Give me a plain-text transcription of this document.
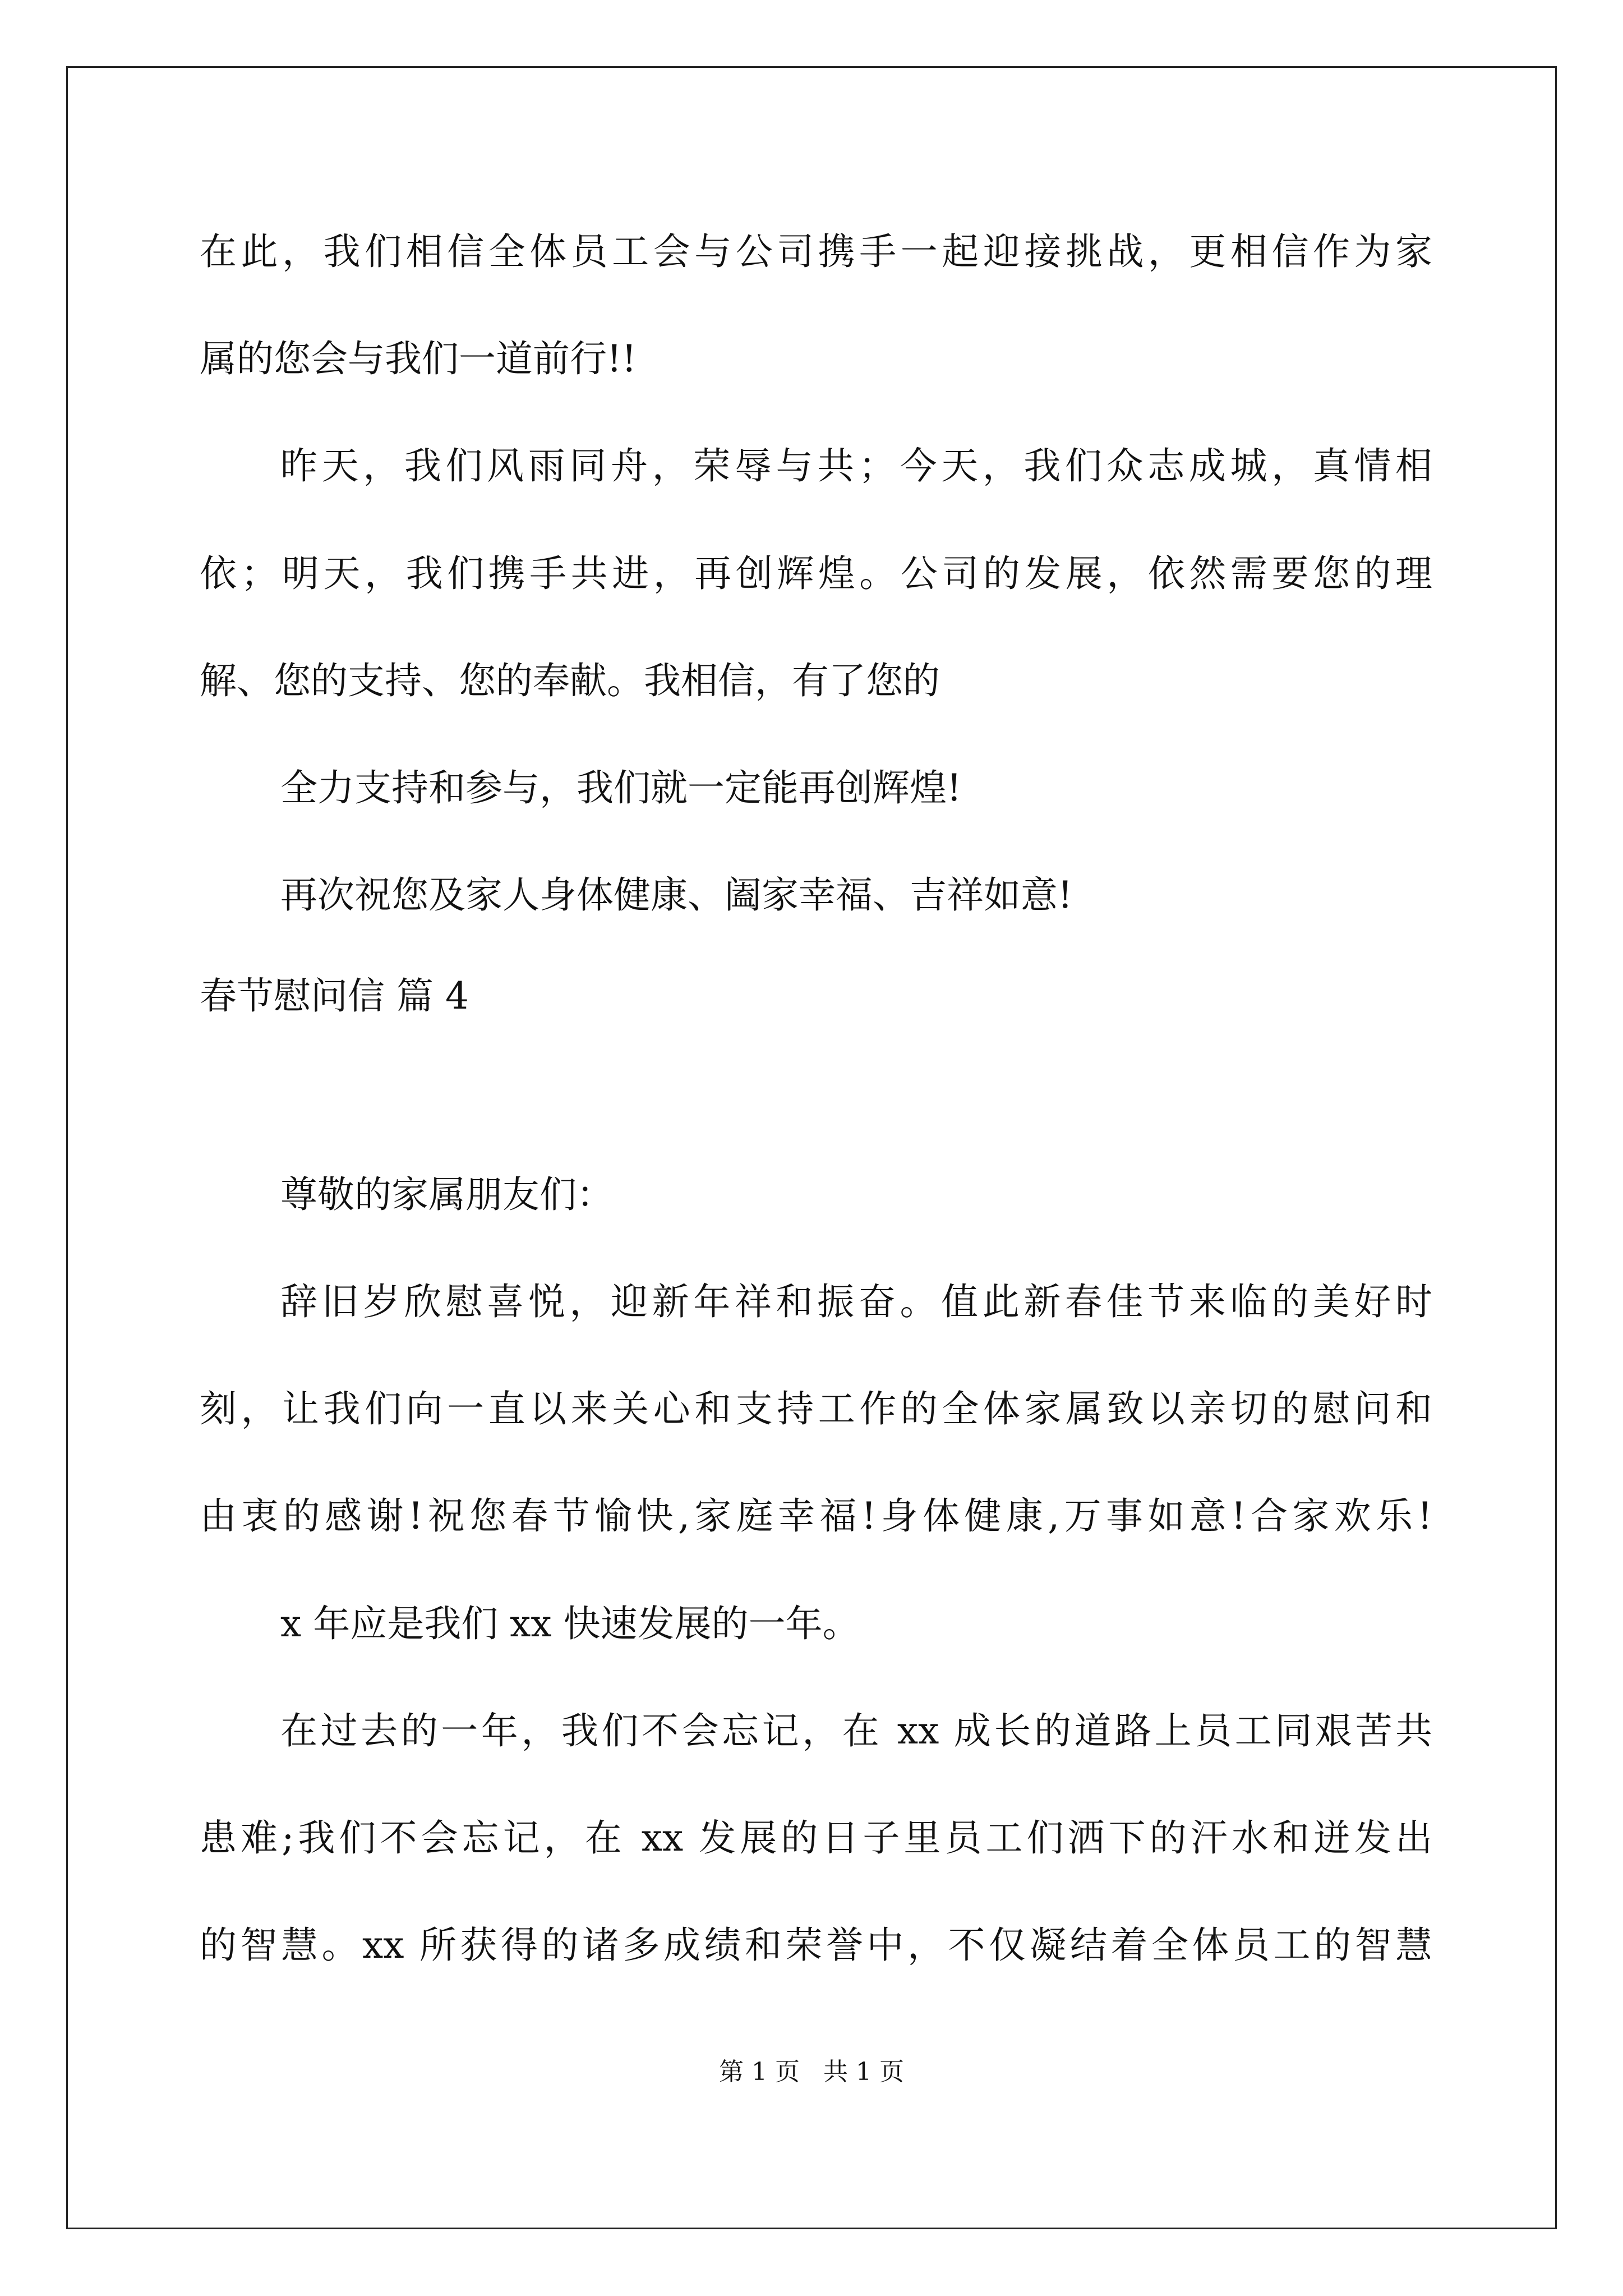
在此，我们相信全体员工会与公司携手一起迎接挑战，更相信作为家
属的您会与我们一道前行!!
昨天，我们风雨同舟，荣辱与共；今天，我们众志成城，真情相
依；明天，我们携手共进，再创辉煌。公司的发展，依然需要您的理
解、您的支持、您的奉献。我相信，有了您的
全力支持和参与，我们就一定能再创辉煌!
再次祝您及家人身体健康、阖家幸福、吉祥如意!
春节慰问信 篇 4
尊敬的家属朋友们：
辞旧岁欣慰喜悦，迎新年祥和振奋。值此新春佳节来临的美好时
刻，让我们向一直以来关心和支持工作的全体家属致以亲切的慰问和
由衷的感谢!祝您春节愉快,家庭幸福!身体健康,万事如意!合家欢乐!
x 年应是我们 xx 快速发展的一年。
在过去的一年，我们不会忘记，在 xx 成长的道路上员工同艰苦共
患难;我们不会忘记，在 xx 发展的日子里员工们洒下的汗水和迸发出
的智慧。xx 所获得的诸多成绩和荣誉中，不仅凝结着全体员工的智慧
第 1 页   共 1 页
